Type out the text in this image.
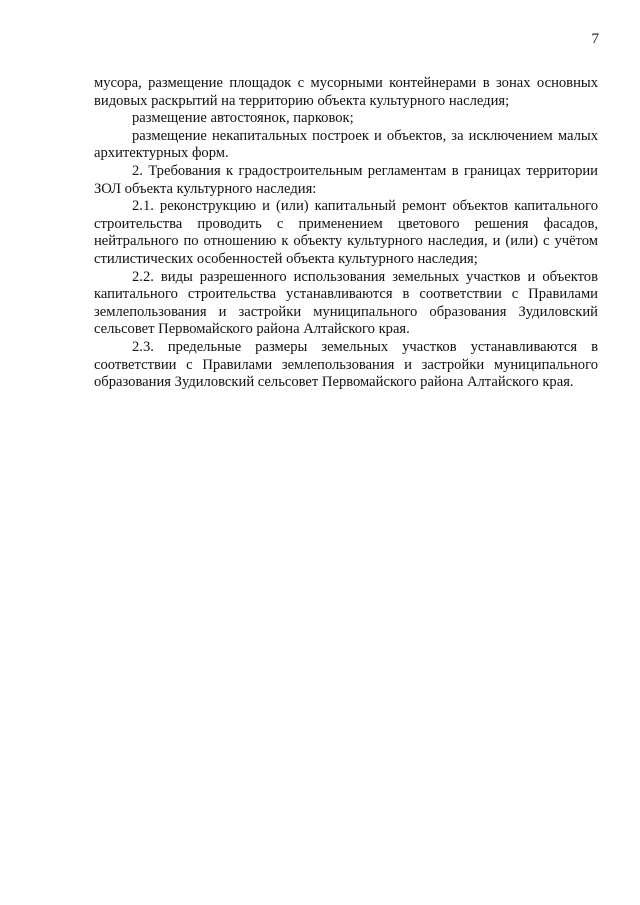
7

мусора, размещение площадок с мусорными контейнерами в зонах основных видовых раскрытий на территорию объекта культурного наследия;

размещение автостоянок, парковок;

размещение некапитальных построек и объектов, за исключением малых архитектурных форм.

2. Требования к градостроительным регламентам в границах территории ЗОЛ объекта культурного наследия:

2.1. реконструкцию и (или) капитальный ремонт объектов капитального строительства проводить с применением цветового решения фасадов, нейтрального по отношению к объекту культурного наследия, и (или) с учётом стилистических особенностей объекта культурного наследия;

2.2. виды разрешенного использования земельных участков и объектов капитального строительства устанавливаются в соответствии с Правилами землепользования и застройки муниципального образования Зудиловский сельсовет Первомайского района Алтайского края.

2.3. предельные размеры земельных участков устанавливаются в соответствии с Правилами землепользования и застройки муниципального образования Зудиловский сельсовет Первомайского района Алтайского края.
